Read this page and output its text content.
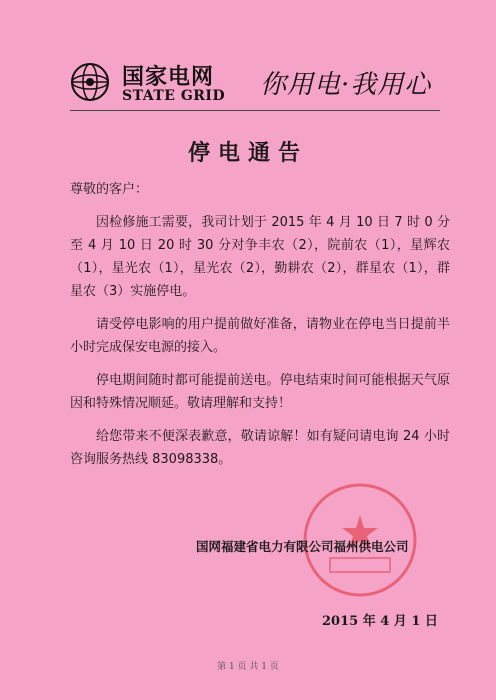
国家电网
STATE GRID 你用电·我用心
停电通告
尊敬的客户：

因检修施工需要，我司计划于 2015 年 4 月 10 日 7 时 0 分至 4 月 10 日 20 时 30 分对争丰农（2），院前农（1），星辉农（1），星光农（1），星光农（2），勤耕农（2），群星农（1），群星农（3）实施停电。

请受停电影响的用户提前做好准备，请物业在停电当日提前半小时完成保安电源的接入。

停电期间随时都可能提前送电。停电结束时间可能根据天气原因和特殊情况顺延。敬请理解和支持！

给您带来不便深表歉意，敬请谅解！如有疑问请电询 24 小时咨询服务热线 83098338。

国网福建省电力有限公司福州供电公司
2015 年 4 月 1 日
第 1 页 共 1 页
